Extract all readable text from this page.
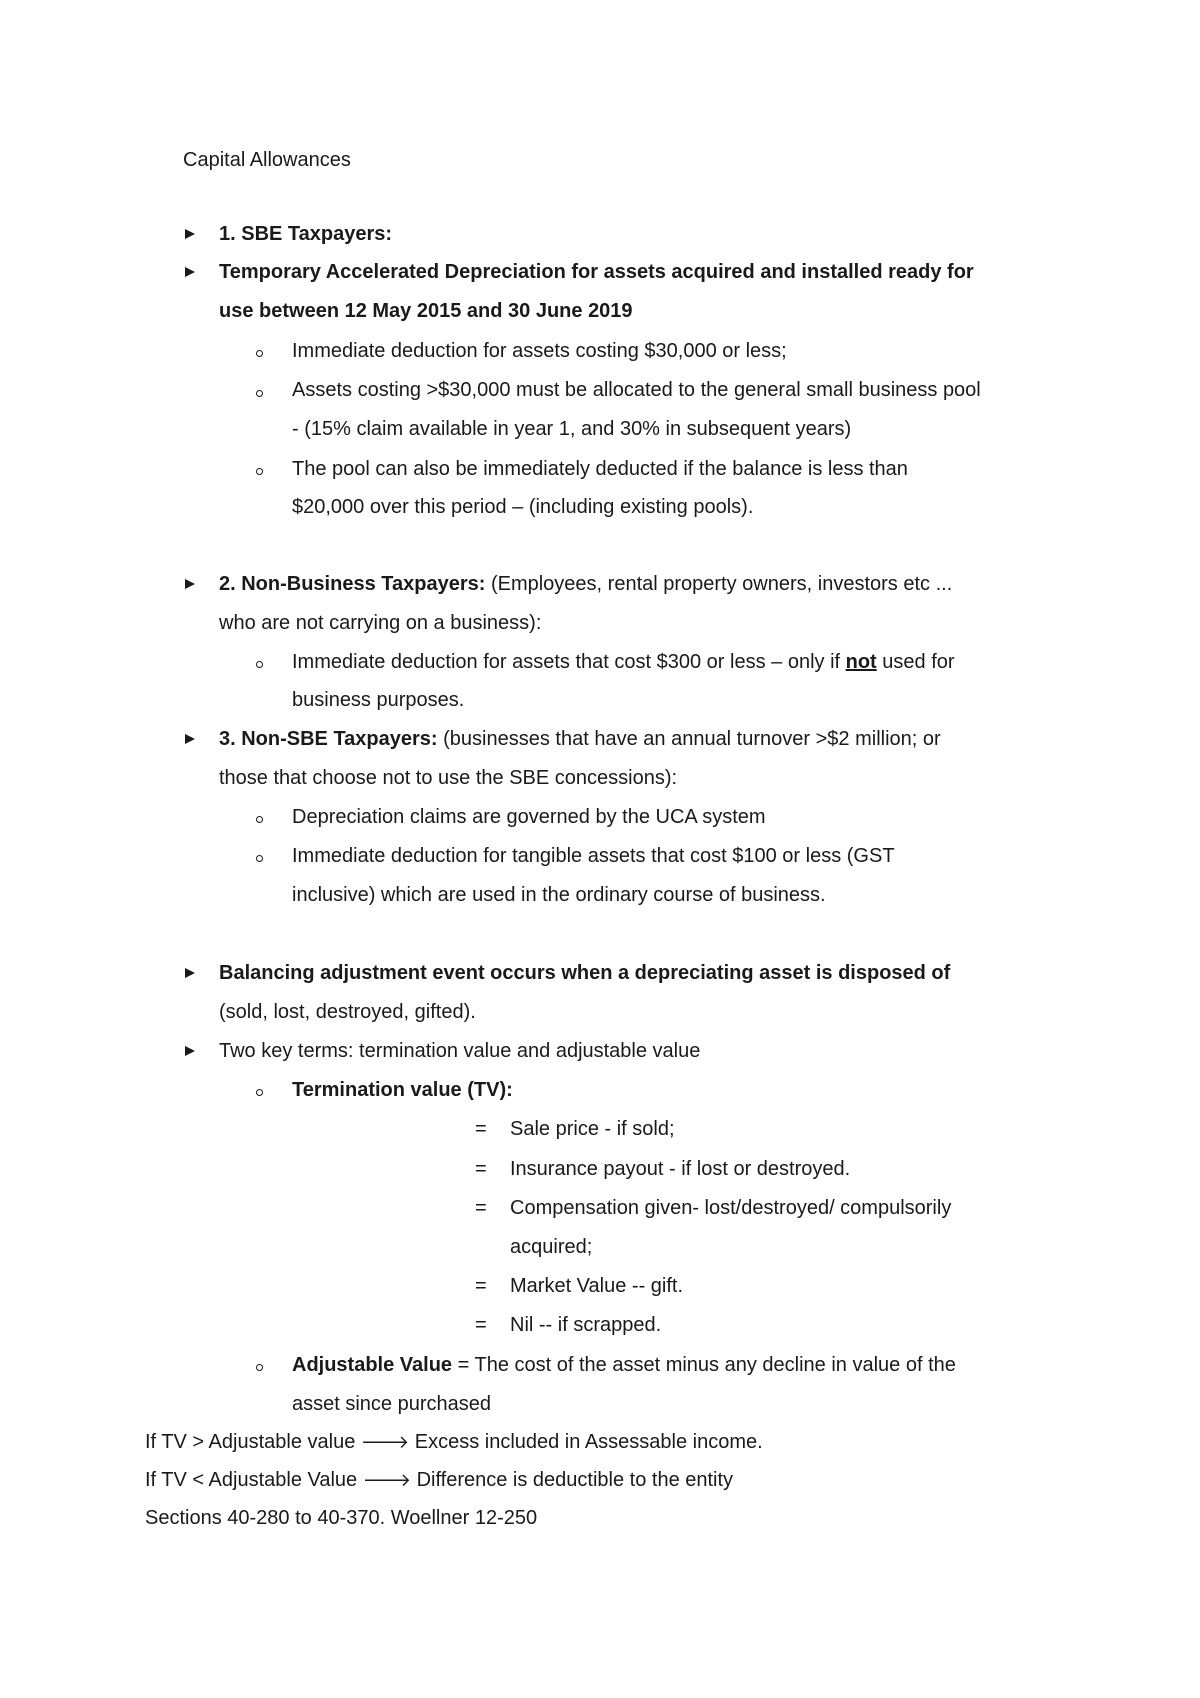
Capital Allowances
1. SBE Taxpayers:
Temporary Accelerated Depreciation for assets acquired and installed ready for
use between 12 May 2015 and 30 June 2019
Immediate deduction for assets costing $30,000 or less;
Assets costing >$30,000 must be allocated to the general small business pool
- (15% claim available in year 1, and 30% in subsequent years)
The pool can also be immediately deducted if the balance is less than
$20,000 over this period – (including existing pools).
2. Non-Business Taxpayers: (Employees, rental property owners, investors etc ...
who are not carrying on a business):
Immediate deduction for assets that cost $300 or less – only if not used for
business purposes.
3. Non-SBE Taxpayers: (businesses that have an annual turnover >$2 million; or
those that choose not to use the SBE concessions):
Depreciation claims are governed by the UCA system
Immediate deduction for tangible assets that cost $100 or less (GST
inclusive) which are used in the ordinary course of business.
Balancing adjustment event occurs when a depreciating asset is disposed of
(sold, lost, destroyed, gifted).
Two key terms: termination value and adjustable value
Termination value (TV):
= Sale price - if sold;
= Insurance payout - if lost or destroyed.
= Compensation given- lost/destroyed/ compulsorily
acquired;
= Market Value -- gift.
= Nil -- if scrapped.
Adjustable Value = The cost of the asset minus any decline in value of the
asset since purchased
If TV > Adjustable value 🡒 Excess included in Assessable income.
If TV < Adjustable Value 🡒 Difference is deductible to the entity
Sections 40-280 to 40-370. Woellner 12-250
